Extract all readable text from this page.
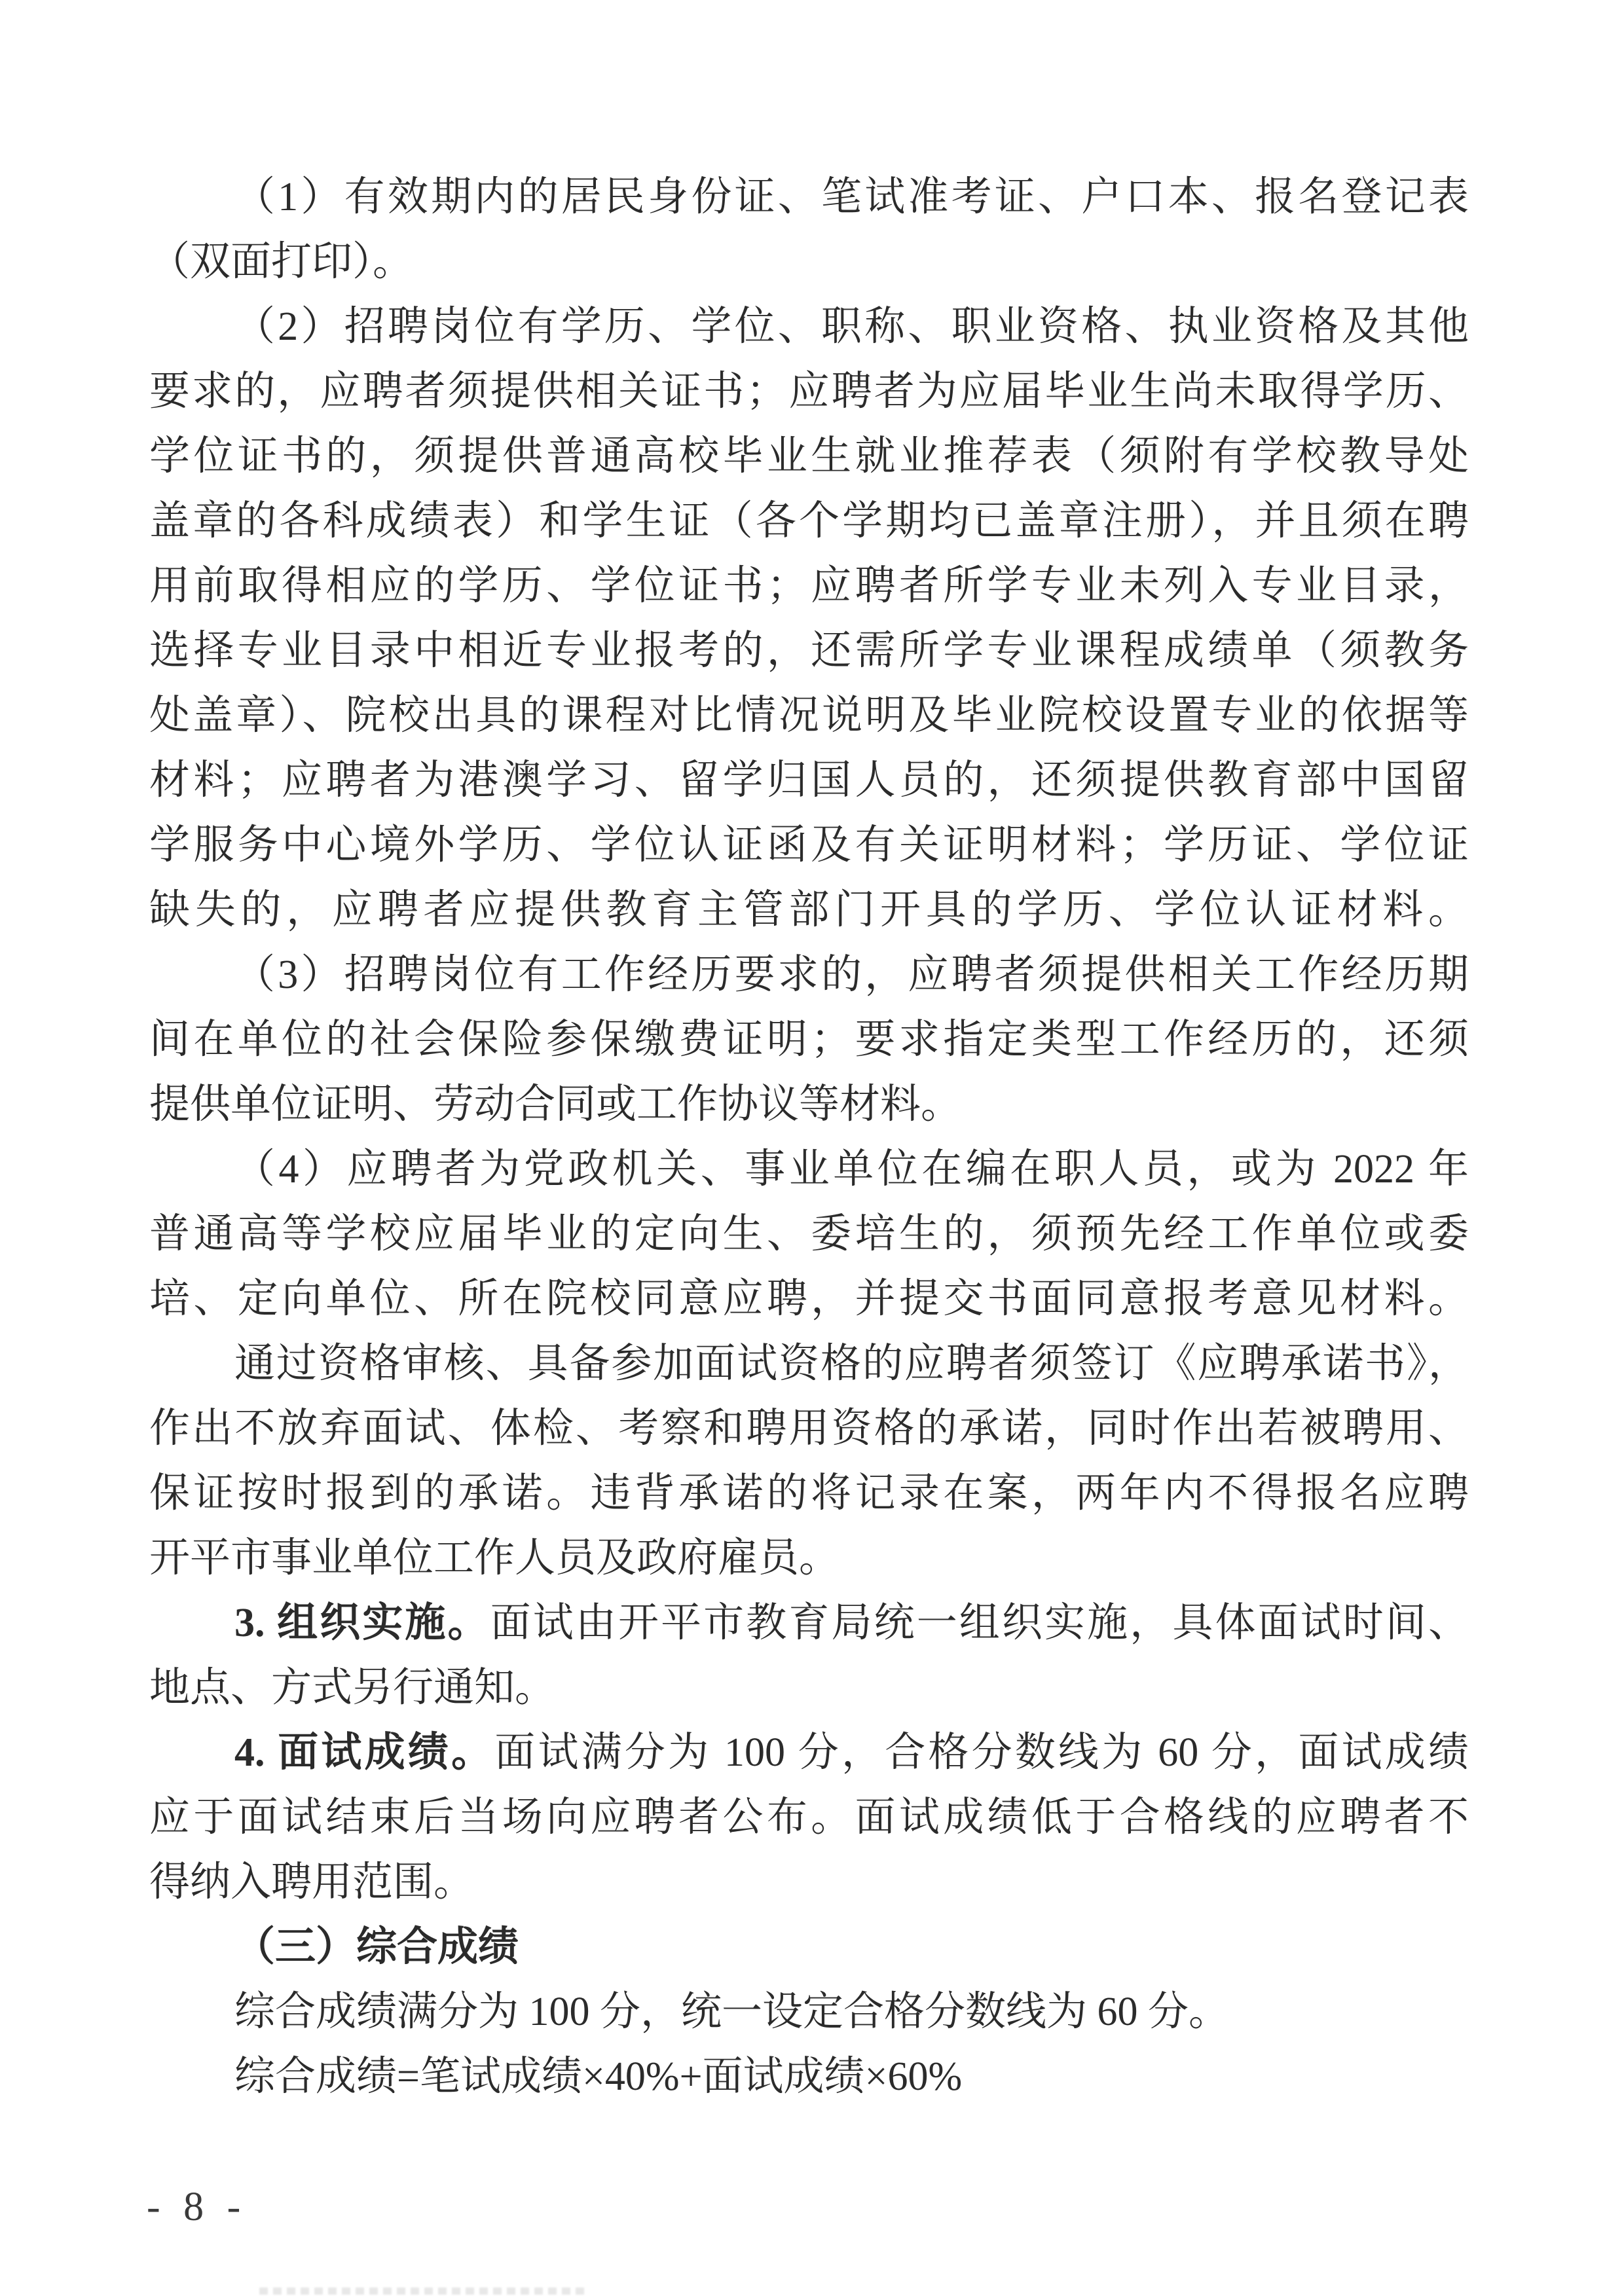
（1）有效期内的居民身份证、笔试准考证、户口本、报名登记表
（双面打印）。
（2）招聘岗位有学历、学位、职称、职业资格、执业资格及其他
要求的，应聘者须提供相关证书；应聘者为应届毕业生尚未取得学历、
学位证书的，须提供普通高校毕业生就业推荐表（须附有学校教导处
盖章的各科成绩表）和学生证（各个学期均已盖章注册），并且须在聘
用前取得相应的学历、学位证书；应聘者所学专业未列入专业目录，
选择专业目录中相近专业报考的，还需所学专业课程成绩单（须教务
处盖章）、院校出具的课程对比情况说明及毕业院校设置专业的依据等
材料；应聘者为港澳学习、留学归国人员的，还须提供教育部中国留
学服务中心境外学历、学位认证函及有关证明材料；学历证、学位证
缺失的，应聘者应提供教育主管部门开具的学历、学位认证材料。
（3）招聘岗位有工作经历要求的，应聘者须提供相关工作经历期
间在单位的社会保险参保缴费证明；要求指定类型工作经历的，还须
提供单位证明、劳动合同或工作协议等材料。
（4）应聘者为党政机关、事业单位在编在职人员，或为 2022 年
普通高等学校应届毕业的定向生、委培生的，须预先经工作单位或委
培、定向单位、所在院校同意应聘，并提交书面同意报考意见材料。
通过资格审核、具备参加面试资格的应聘者须签订《应聘承诺书》，
作出不放弃面试、体检、考察和聘用资格的承诺，同时作出若被聘用、
保证按时报到的承诺。违背承诺的将记录在案，两年内不得报名应聘
开平市事业单位工作人员及政府雇员。
3. 组织实施。面试由开平市教育局统一组织实施，具体面试时间、
地点、方式另行通知。
4. 面试成绩。面试满分为 100 分，合格分数线为 60 分，面试成绩
应于面试结束后当场向应聘者公布。面试成绩低于合格线的应聘者不
得纳入聘用范围。
（三）综合成绩
综合成绩满分为 100 分，统一设定合格分数线为 60 分。
综合成绩=笔试成绩×40%+面试成绩×60%
- 8 -
